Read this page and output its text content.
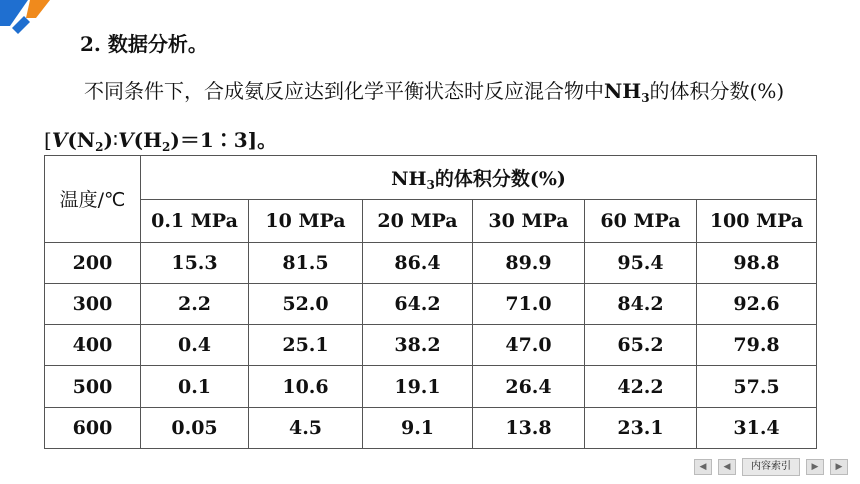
2. 数据分析。
不同条件下，合成氨反应达到化学平衡状态时反应混合物中$NH_3$的体积分数$(\%)[V(N_2)∶V(H_2)=1∶3]$。
温度/℃	$NH_3$的体积分数(%)					
	0.1 MPa	10 MPa	20 MPa	30 MPa	60 MPa	100 MPa
200	15.3	81.5	86.4	89.9	95.4	98.8
300	2.2	52.0	64.2	71.0	84.2	92.6
400	0.4	25.1	38.2	47.0	65.2	79.8
500	0.1	10.6	19.1	26.4	42.2	57.5
600	0.05	4.5	9.1	13.8	23.1	31.4
◀	◀	内容索引	▶	▶
